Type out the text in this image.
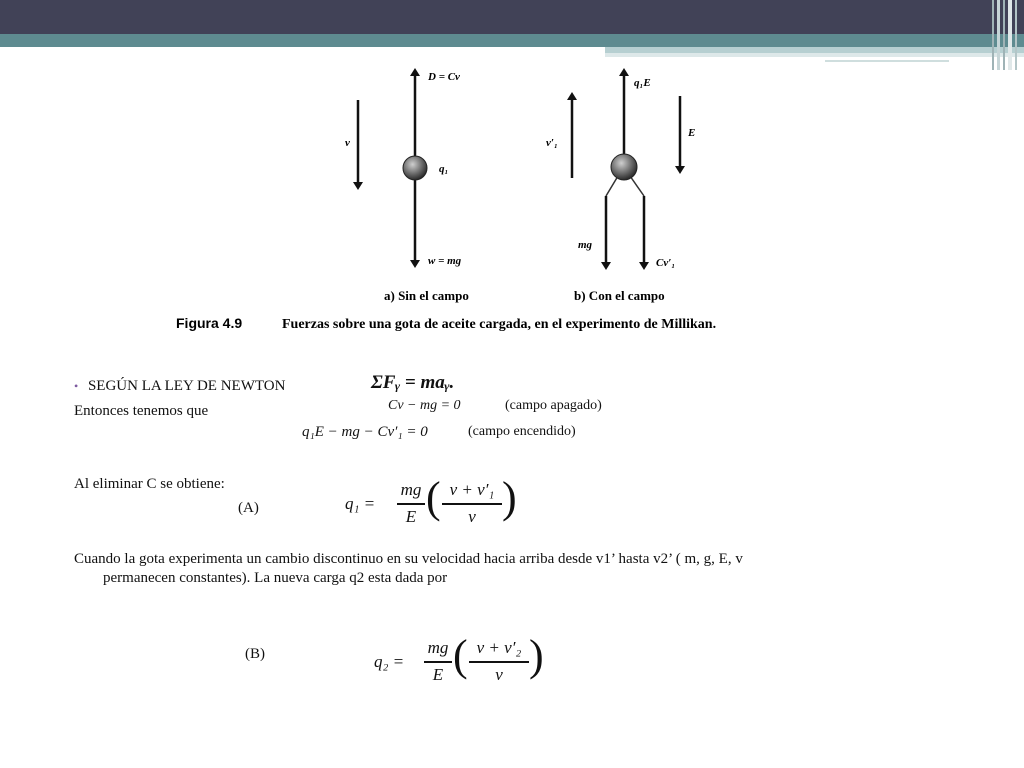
D = Cv
v
q₁
w = mg
q₁E
v′₁
E
mg
Cv′₁
a) Sin el campo	b) Con el campo
Figura 4.9	Fuerzas sobre una gota de aceite cargada, en el experimento de Millikan.
• SEGÚN LA LEY DE NEWTON	ΣFᵧ = maᵧ.
Entonces tenemos que	Cv − mg = 0	(campo apagado)
q₁E − mg − Cv′₁ = 0	(campo encendido)
Al eliminar C se obtiene:
(A)	q₁ =
mg
E ( v + v′₁
v )
Cuando la gota experimenta un cambio discontinuo en su velocidad hacia arriba desde v1’ hasta v2’ ( m, g, E, v
permanecen constantes). La nueva carga q2 esta dada por
(B)	q₂ =
mg
E ( v + v′₂
v )
